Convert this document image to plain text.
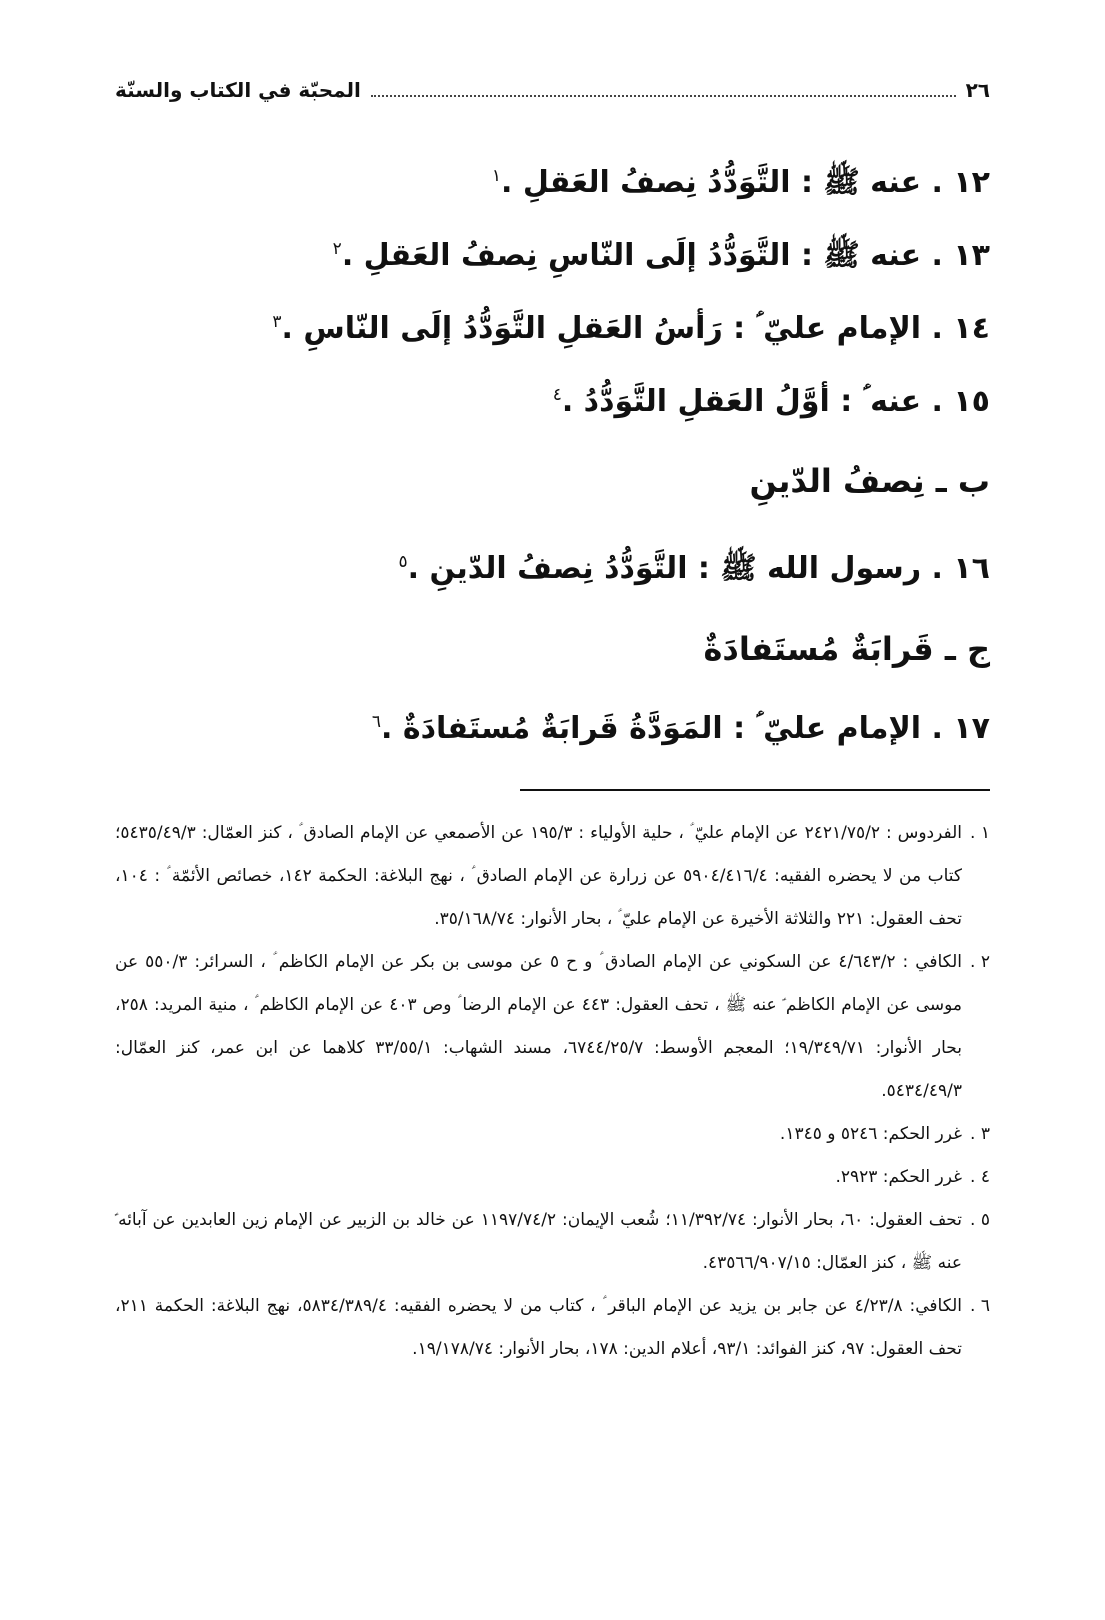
٢٦
المحبّة في الكتاب والسنّة
١٢ . عنه ﷺ : التَّوَدُّدُ نِصفُ العَقلِ .$^١$
١٣ . عنه ﷺ : التَّوَدُّدُ إلَى النّاسِ نِصفُ العَقلِ .$^٢$
١٤ . الإمام عليّ ؑ : رَأسُ العَقلِ التَّوَدُّدُ إلَى النّاسِ .$^٣$
١٥ . عنه ؑ : أوَّلُ العَقلِ التَّوَدُّدُ .$^٤$
ب ـ نِصفُ الدّينِ
١٦ . رسول الله ﷺ : التَّوَدُّدُ نِصفُ الدّينِ .$^٥$
ج ـ قَرابَةٌ مُستَفادَةٌ
١٧ . الإمام عليّ ؑ : المَوَدَّةُ قَرابَةٌ مُستَفادَةٌ .$^٦$
١ .
الفردوس : ٢٤٢١/٧٥/٢ عن الإمام عليّ ؑ ، حلية الأولياء : ١٩٥/٣ عن الأصمعي عن الإمام الصادق ؑ ، كنز العمّال: ٥٤٣٥/٤٩/٣؛ كتاب من لا يحضره الفقيه: ٥٩٠٤/٤١٦/٤ عن زرارة عن الإمام الصادق ؑ ، نهج البلاغة: الحكمة ١٤٢، خصائص الأئمّة ؑ : ١٠٤، تحف العقول: ٢٢١ والثلاثة الأخيرة عن الإمام عليّ ؑ ، بحار الأنوار: ٣٥/١٦٨/٧٤.
٢ .
الكافي : ٤/٦٤٣/٢ عن السكوني عن الإمام الصادق ؑ و ح ٥ عن موسى بن بكر عن الإمام الكاظم ؑ ، السرائر: ٥٥٠/٣ عن موسى عن الإمام الكاظم ؑ عنه ﷺ ، تحف العقول: ٤٤٣ عن الإمام الرضا ؑ وص ٤٠٣ عن الإمام الكاظم ؑ ، منية المريد: ٢٥٨، بحار الأنوار: ١٩/٣٤٩/٧١؛ المعجم الأوسط: ٦٧٤٤/٢٥/٧، مسند الشهاب: ٣٣/٥٥/١ كلاهما عن ابن عمر، كنز العمّال: ٥٤٣٤/٤٩/٣.
٣ .
غرر الحكم: ٥٢٤٦ و ١٣٤٥.
٤ .
غرر الحكم: ٢٩٢٣.
٥ .
تحف العقول: ٦٠، بحار الأنوار: ١١/٣٩٢/٧٤؛ شُعب الإيمان: ١١٩٧/٧٤/٢ عن خالد بن الزبير عن الإمام زين العابدين عن آبائه ؑ عنه ﷺ ، كنز العمّال: ٤٣٥٦٦/٩٠٧/١٥.
٦ .
الكافي: ٤/٢٣/٨ عن جابر بن يزيد عن الإمام الباقر ؑ ، كتاب من لا يحضره الفقيه: ٥٨٣٤/٣٨٩/٤، نهج البلاغة: الحكمة ٢١١، تحف العقول: ٩٧، كنز الفوائد: ٩٣/١، أعلام الدين: ١٧٨، بحار الأنوار: ١٩/١٧٨/٧٤.
